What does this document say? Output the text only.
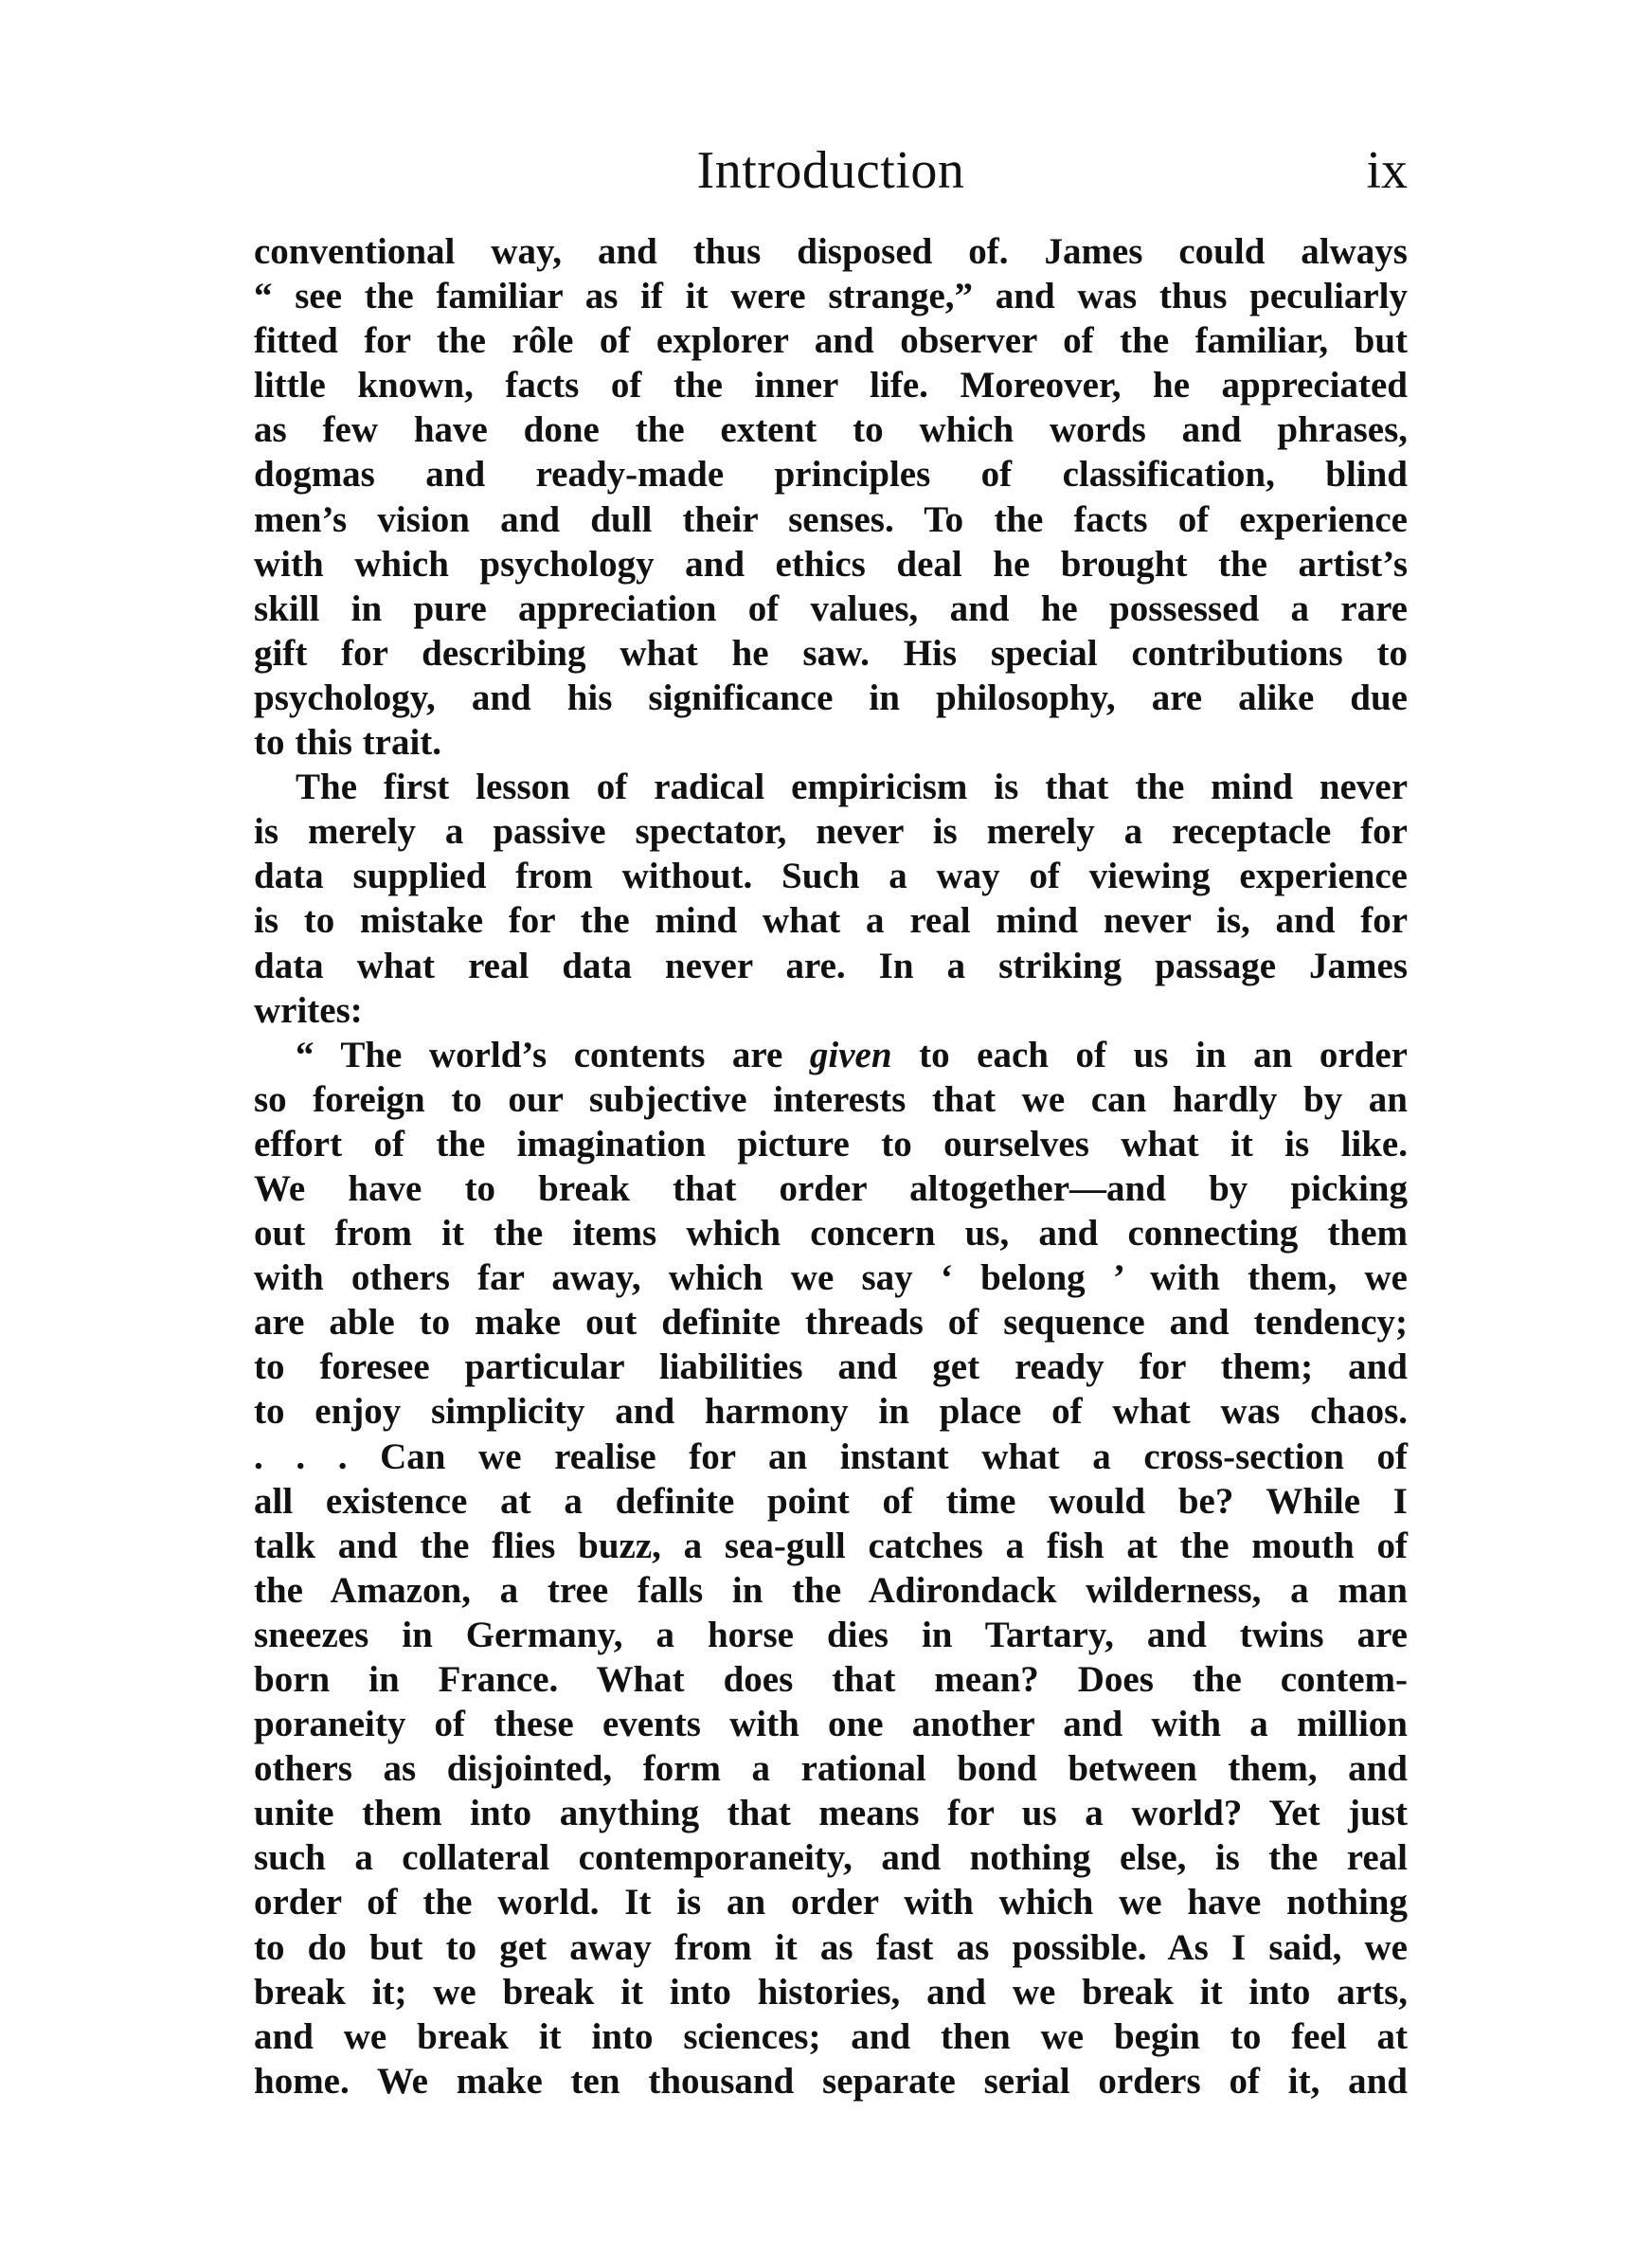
Introduction	ix

conventional way, and thus disposed of. James could always
“ see the familiar as if it were strange,” and was thus peculiarly
fitted for the rôle of explorer and observer of the familiar, but
little known, facts of the inner life. Moreover, he appreciated
as few have done the extent to which words and phrases,
dogmas and ready-made principles of classification, blind
men’s vision and dull their senses. To the facts of experience
with which psychology and ethics deal he brought the artist’s
skill in pure appreciation of values, and he possessed a rare
gift for describing what he saw. His special contributions to
psychology, and his significance in philosophy, are alike due
to this trait.

The first lesson of radical empiricism is that the mind never
is merely a passive spectator, never is merely a receptacle for
data supplied from without. Such a way of viewing experience
is to mistake for the mind what a real mind never is, and for
data what real data never are. In a striking passage James
writes:

“ The world’s contents are given to each of us in an order
so foreign to our subjective interests that we can hardly by an
effort of the imagination picture to ourselves what it is like.
We have to break that order altogether—and by picking
out from it the items which concern us, and connecting them
with others far away, which we say ‘ belong ’ with them, we
are able to make out definite threads of sequence and tendency;
to foresee particular liabilities and get ready for them; and
to enjoy simplicity and harmony in place of what was chaos.
. . . Can we realise for an instant what a cross-section of
all existence at a definite point of time would be? While I
talk and the flies buzz, a sea-gull catches a fish at the mouth of
the Amazon, a tree falls in the Adirondack wilderness, a man
sneezes in Germany, a horse dies in Tartary, and twins are
born in France. What does that mean? Does the contem-
poraneity of these events with one another and with a million
others as disjointed, form a rational bond between them, and
unite them into anything that means for us a world? Yet just
such a collateral contemporaneity, and nothing else, is the real
order of the world. It is an order with which we have nothing
to do but to get away from it as fast as possible. As I said, we
break it; we break it into histories, and we break it into arts,
and we break it into sciences; and then we begin to feel at
home. We make ten thousand separate serial orders of it, and
